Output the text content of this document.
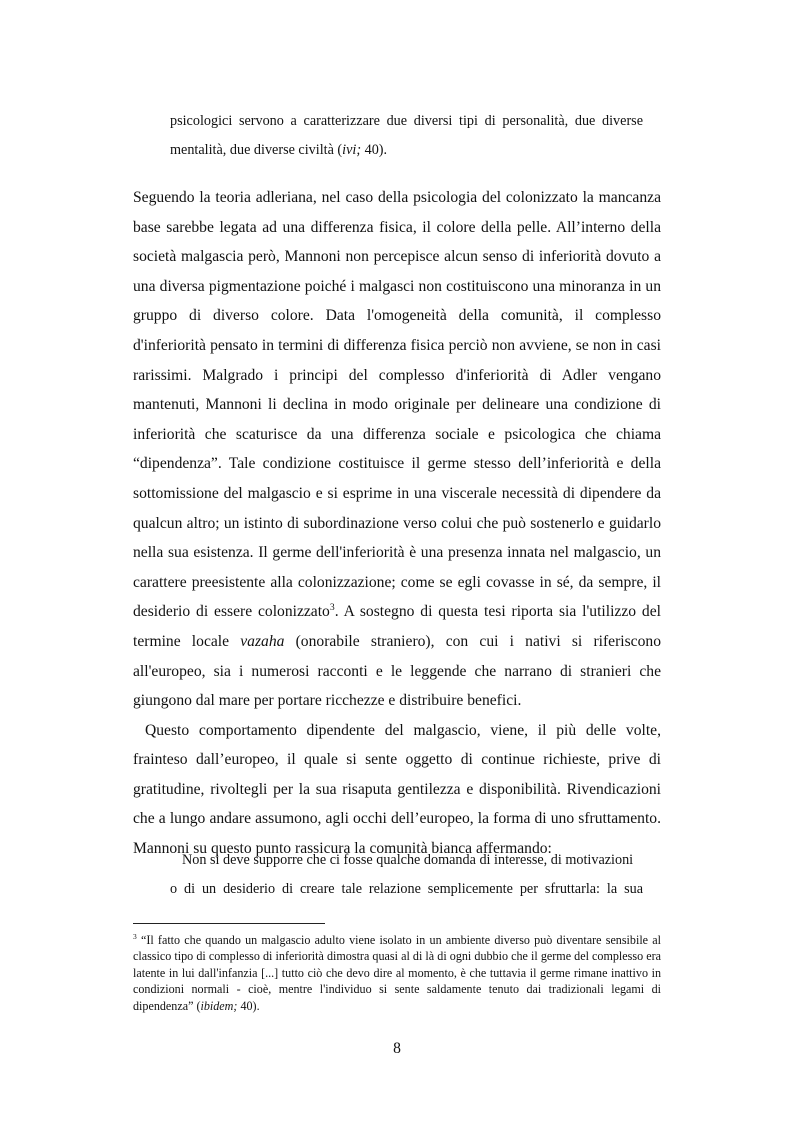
psicologici servono a caratterizzare due diversi tipi di personalità, due diverse

mentalità, due diverse civiltà (ivi; 40).

Seguendo la teoria adleriana, nel caso della psicologia del colonizzato la mancanza base sarebbe legata ad una differenza fisica, il colore della pelle. All’interno della società malgascia però, Mannoni non percepisce alcun senso di inferiorità dovuto a una diversa pigmentazione poiché i malgasci non costituiscono una minoranza in un gruppo di diverso colore. Data l'omogeneità della comunità, il complesso d'inferiorità pensato in termini di differenza fisica perciò non avviene, se non in casi rarissimi. Malgrado i principi del complesso d'inferiorità di Adler vengano mantenuti, Mannoni li declina in modo originale per delineare una condizione di inferiorità che scaturisce da una differenza sociale e psicologica che chiama “dipendenza”. Tale condizione costituisce il germe stesso dell’inferiorità e della sottomissione del malgascio e si esprime in una viscerale necessità di dipendere da qualcun altro; un istinto di subordinazione verso colui che può sostenerlo e guidarlo nella sua esistenza. Il germe dell'inferiorità è una presenza innata nel malgascio, un carattere preesistente alla colonizzazione; come se egli covasse in sé, da sempre, il desiderio di essere colonizzato$^3$. A sostegno di questa tesi riporta sia l'utilizzo del termine locale vazaha (onorabile straniero), con cui i nativi si riferiscono all'europeo, sia i numerosi racconti e le leggende che narrano di stranieri che giungono dal mare per portare ricchezze e distribuire benefici.

Questo comportamento dipendente del malgascio, viene, il più delle volte, frainteso dall’europeo, il quale si sente oggetto di continue richieste, prive di gratitudine, rivoltegli per la sua risaputa gentilezza e disponibilità. Rivendicazioni che a lungo andare assumono, agli occhi dell’europeo, la forma di uno sfruttamento. Mannoni su questo punto rassicura la comunità bianca affermando:

Non si deve supporre che ci fosse qualche domanda di interesse, di motivazioni

o di un desiderio di creare tale relazione semplicemente per sfruttarla: la sua

$^3$ “Il fatto che quando un malgascio adulto viene isolato in un ambiente diverso può diventare sensibile al classico tipo di complesso di inferiorità dimostra quasi al di là di ogni dubbio che il germe del complesso era latente in lui dall'infanzia [...] tutto ciò che devo dire al momento, è che tuttavia il germe rimane inattivo in condizioni normali - cioè, mentre l'individuo si sente saldamente tenuto dai tradizionali legami di dipendenza” (ibidem; 40).

8
